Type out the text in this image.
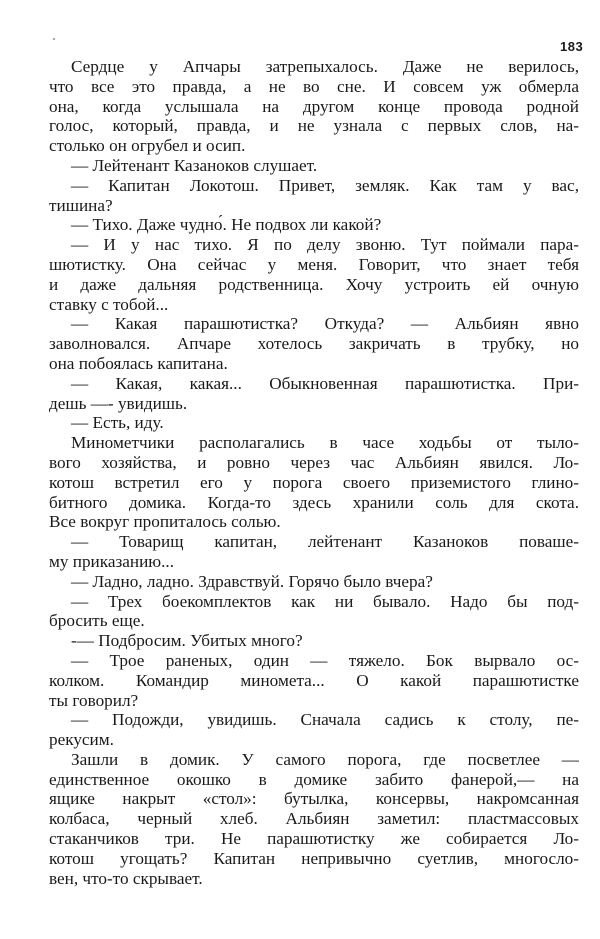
183
Сердце у Апчары затрепыхалось. Даже не верилось,
что все это правда, а не во сне. И совсем уж обмерла
она, когда услышала на другом конце провода родной
голос, который, правда, и не узнала с первых слов, на-
столько он огрубел и осип.
— Лейтенант Казаноков слушает.
— Капитан Локотош. Привет, земляк. Как там у вас,
тишина?
— Тихо. Даже чудно́. Не подвох ли какой?
— И у нас тихо. Я по делу звоню. Тут поймали пара-
шютистку. Она сейчас у меня. Говорит, что знает тебя
и даже дальняя родственница. Хочу устроить ей очную
ставку с тобой...
— Какая парашютистка? Откуда? — Альбиян явно
заволновался. Апчаре хотелось закричать в трубку, но
она побоялась капитана.
— Какая, какая... Обыкновенная парашютистка. При-
дешь —- увидишь.
— Есть, иду.
Минометчики располагались в часе ходьбы от тыло-
вого хозяйства, и ровно через час Альбиян явился. Ло-
котош встретил его у порога своего приземистого глино-
битного домика. Когда-то здесь хранили соль для скота.
Все вокруг пропиталось солью.
— Товарищ капитан, лейтенант Казаноков поваше-
му приказанию...
— Ладно, ладно. Здравствуй. Горячо было вчера?
— Трех боекомплектов как ни бывало. Надо бы под-
бросить еще.
-— Подбросим. Убитых много?
— Трое раненых, один — тяжело. Бок вырвало ос-
колком. Командир миномета... О какой парашютистке
ты говорил?
— Подожди, увидишь. Сначала садись к столу, пе-
рекусим.
Зашли в домик. У самого порога, где посветлее —
единственное окошко в домике забито фанерой,— на
ящике накрыт «стол»: бутылка, консервы, накромсанная
колбаса, черный хлеб. Альбиян заметил: пластмассовых
стаканчиков три. Не парашютистку же собирается Ло-
котош угощать? Капитан непривычно суетлив, многосло-
вен, что-то скрывает.
